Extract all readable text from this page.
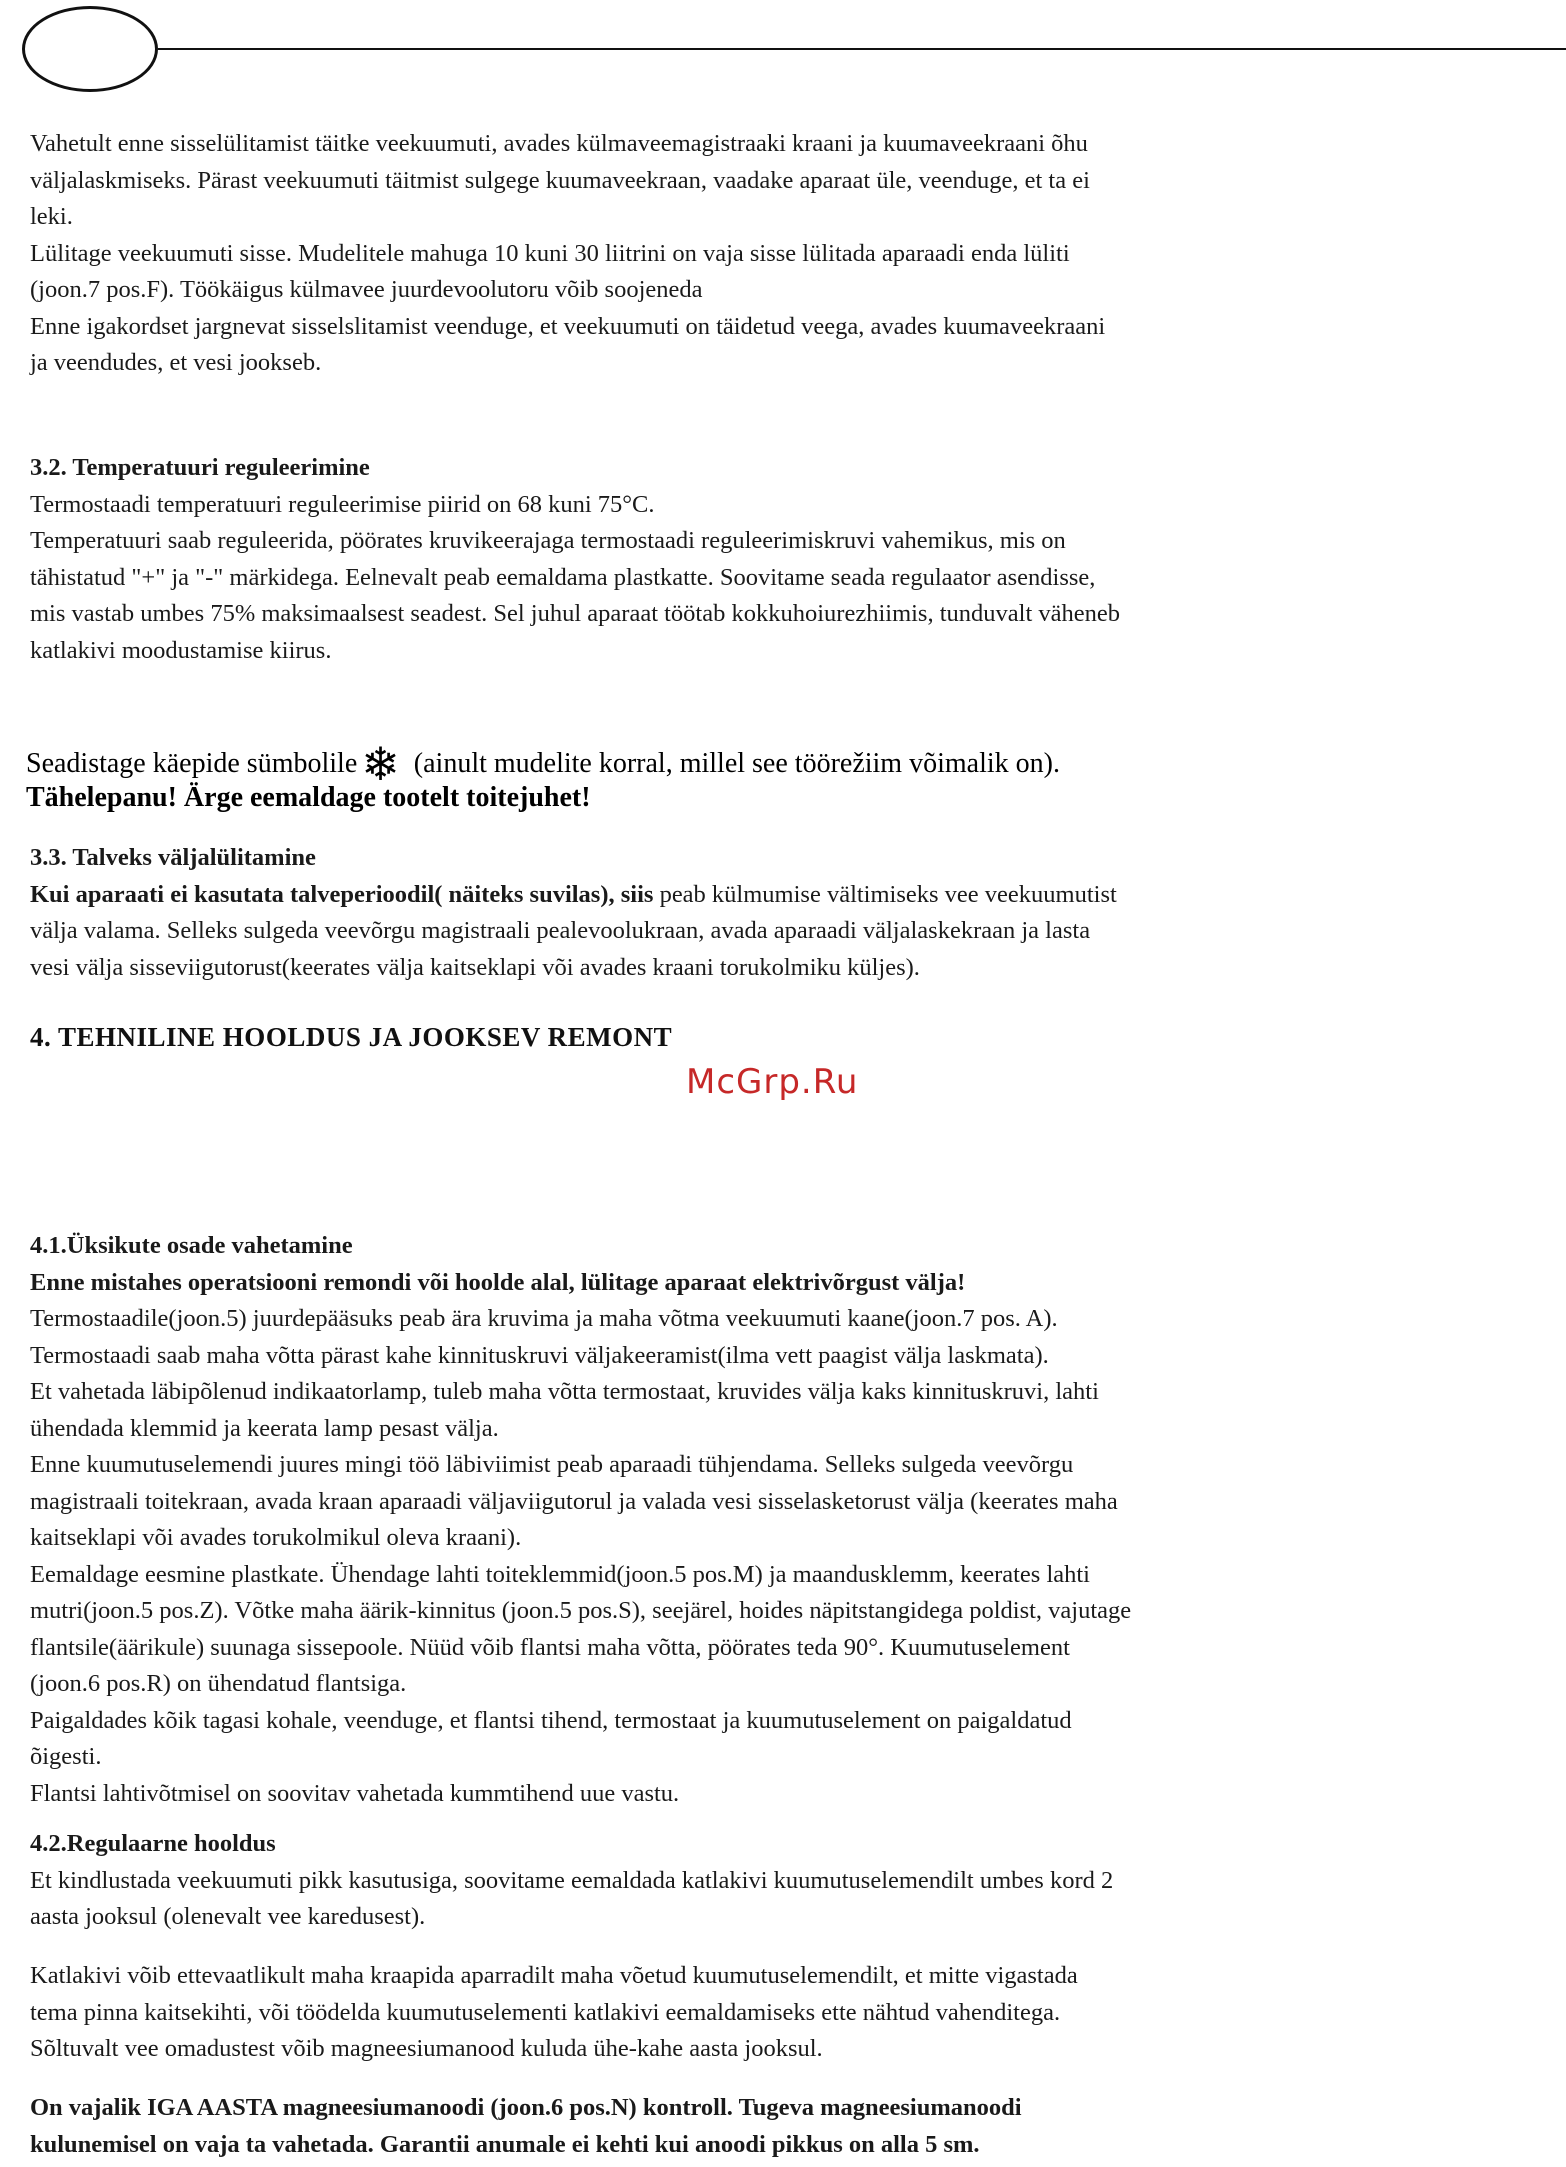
Vahetult enne sisselülitamist täitke veekuumuti, avades külmaveemagistraaki kraani ja kuumaveekraani õhu

väljalaskmiseks. Pärast veekuumuti täitmist sulgege kuumaveekraan, vaadake aparaat üle, veenduge, et ta ei

leki.

Lülitage veekuumuti sisse. Mudelitele mahuga 10 kuni 30 liitrini on vaja sisse lülitada aparaadi enda lüliti

(joon.7 pos.F). Töökäigus külmavee juurdevoolutoru võib soojeneda

Enne igakordset jargnevat sisselslitamist veenduge, et veekuumuti on täidetud veega, avades kuumaveekraani

ja veendudes, et vesi jookseb.

3.2. Temperatuuri reguleerimine

Termostaadi temperatuuri reguleerimise piirid on 68 kuni 75°C.

Temperatuuri saab reguleerida, pöörates kruvikeerajaga termostaadi reguleerimiskruvi vahemikus, mis on

tähistatud "+" ja "-" märkidega. Eelnevalt peab eemaldama plastkatte. Soovitame seada regulaator asendisse,

mis vastab umbes 75% maksimaalsest seadest. Sel juhul aparaat töötab kokkuhoiurezhiimis, tunduvalt väheneb

katlakivi moodustamise kiirus.

Seadistage käepide sümbolile❄ (ainult mudelite korral, millel see töörežiim võimalik on).
Tähelepanu! Ärge eemaldage tootelt toitejuhet!

3.3. Talveks väljalülitamine

Kui aparaati ei kasutata talveperioodil( näiteks suvilas), siis peab külmumise vältimiseks vee veekuumutist

välja valama. Selleks sulgeda veevõrgu magistraali pealevoolukraan, avada aparaadi väljalaskekraan ja lasta

vesi välja sisseviigutorust(keerates välja kaitseklapi või avades kraani torukolmiku küljes).

4. TEHNILINE HOOLDUS JA JOOKSEV REMONT
McGrp.Ru

4.1.Üksikute osade vahetamine

Enne mistahes operatsiooni remondi või hoolde alal, lülitage aparaat elektrivõrgust välja!

Termostaadile(joon.5) juurdepääsuks peab ära kruvima ja maha võtma veekuumuti kaane(joon.7 pos. A).

Termostaadi saab maha võtta pärast kahe kinnituskruvi väljakeeramist(ilma vett paagist välja laskmata).

Et vahetada läbipõlenud indikaatorlamp, tuleb maha võtta termostaat, kruvides välja kaks kinnituskruvi, lahti

ühendada klemmid ja keerata lamp pesast välja.

Enne kuumutuselemendi juures mingi töö läbiviimist peab aparaadi tühjendama. Selleks sulgeda veevõrgu

magistraali toitekraan, avada kraan aparaadi väljaviigutorul ja valada vesi sisselasketorust välja (keerates maha

kaitseklapi või avades torukolmikul oleva kraani).

Eemaldage eesmine plastkate. Ühendage lahti toiteklemmid(joon.5 pos.M) ja maandusklemm, keerates lahti

mutri(joon.5 pos.Z). Võtke maha äärik-kinnitus (joon.5 pos.S), seejärel, hoides näpitstangidega poldist, vajutage

flantsile(äärikule) suunaga sissepoole. Nüüd võib flantsi maha võtta, pöörates teda 90°. Kuumutuselement

(joon.6 pos.R) on ühendatud flantsiga.

Paigaldades kõik tagasi kohale, veenduge, et flantsi tihend, termostaat ja kuumutuselement on paigaldatud

õigesti.

Flantsi lahtivõtmisel on soovitav vahetada kummtihend uue vastu.

4.2.Regulaarne hooldus

Et kindlustada veekuumuti pikk kasutusiga, soovitame eemaldada katlakivi kuumutuselemendilt umbes kord 2

aasta jooksul (olenevalt vee karedusest).

Katlakivi võib ettevaatlikult maha kraapida aparradilt maha võetud kuumutuselemendilt, et mitte vigastada

tema pinna kaitsekihti, või töödelda kuumutuselementi katlakivi eemaldamiseks ette nähtud vahenditega.

Sõltuvalt vee omadustest võib magneesiumanood kuluda ühe-kahe aasta jooksul.

On vajalik IGA AASTA magneesiumanoodi (joon.6 pos.N) kontroll. Tugeva magneesiumanoodi

kulunemisel on vaja ta vahetada. Garantii anumale ei kehti kui anoodi pikkus on alla 5 sm.
